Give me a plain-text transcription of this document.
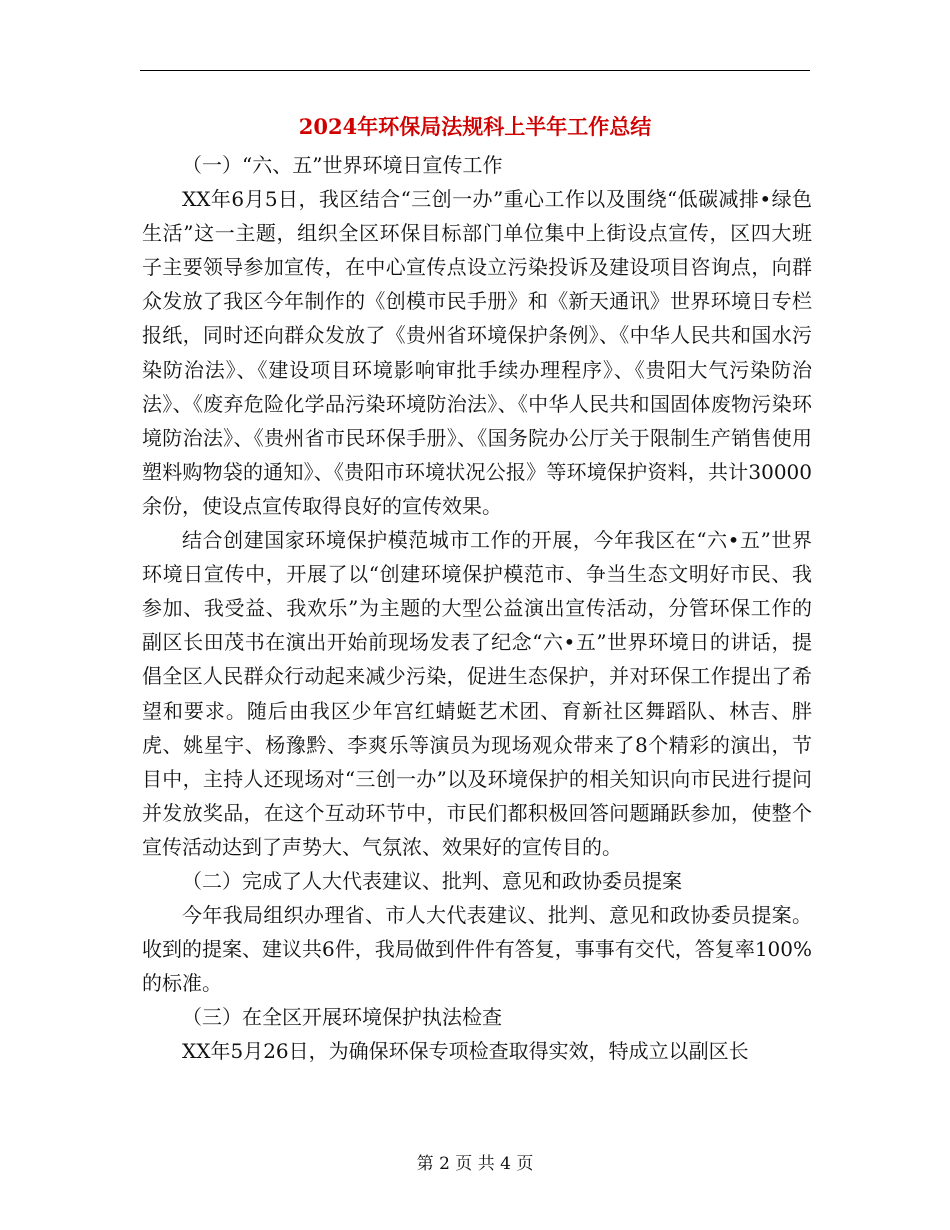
2024年环保局法规科上半年工作总结

（一）“六、五”世界环境日宣传工作

XX年6月5日，我区结合“三创一办”重心工作以及围绕“低碳减排•绿色生活”这一主题，组织全区环保目标部门单位集中上街设点宣传，区四大班子主要领导参加宣传，在中心宣传点设立污染投诉及建设项目咨询点，向群众发放了我区今年制作的《创模市民手册》和《新天通讯》世界环境日专栏报纸，同时还向群众发放了《贵州省环境保护条例》、《中华人民共和国水污染防治法》、《建设项目环境影响审批手续办理程序》、《贵阳大气污染防治法》、《废弃危险化学品污染环境防治法》、《中华人民共和国固体废物污染环境防治法》、《贵州省市民环保手册》、《国务院办公厅关于限制生产销售使用塑料购物袋的通知》、《贵阳市环境状况公报》等环境保护资料，共计30000余份，使设点宣传取得良好的宣传效果。

结合创建国家环境保护模范城市工作的开展，今年我区在“六•五”世界环境日宣传中，开展了以“创建环境保护模范市、争当生态文明好市民、我参加、我受益、我欢乐”为主题的大型公益演出宣传活动，分管环保工作的副区长田茂书在演出开始前现场发表了纪念“六•五”世界环境日的讲话，提倡全区人民群众行动起来减少污染，促进生态保护，并对环保工作提出了希望和要求。随后由我区少年宫红蜻蜓艺术团、育新社区舞蹈队、林吉、胖虎、姚星宇、杨豫黔、李爽乐等演员为现场观众带来了8个精彩的演出，节目中，主持人还现场对“三创一办”以及环境保护的相关知识向市民进行提问并发放奖品，在这个互动环节中，市民们都积极回答问题踊跃参加，使整个宣传活动达到了声势大、气氛浓、效果好的宣传目的。

（二）完成了人大代表建议、批判、意见和政协委员提案

今年我局组织办理省、市人大代表建议、批判、意见和政协委员提案。收到的提案、建议共6件，我局做到件件有答复，事事有交代，答复率100%的标准。

（三）在全区开展环境保护执法检查

XX年5月26日，为确保环保专项检查取得实效，特成立以副区长

第 2 页 共 4 页
